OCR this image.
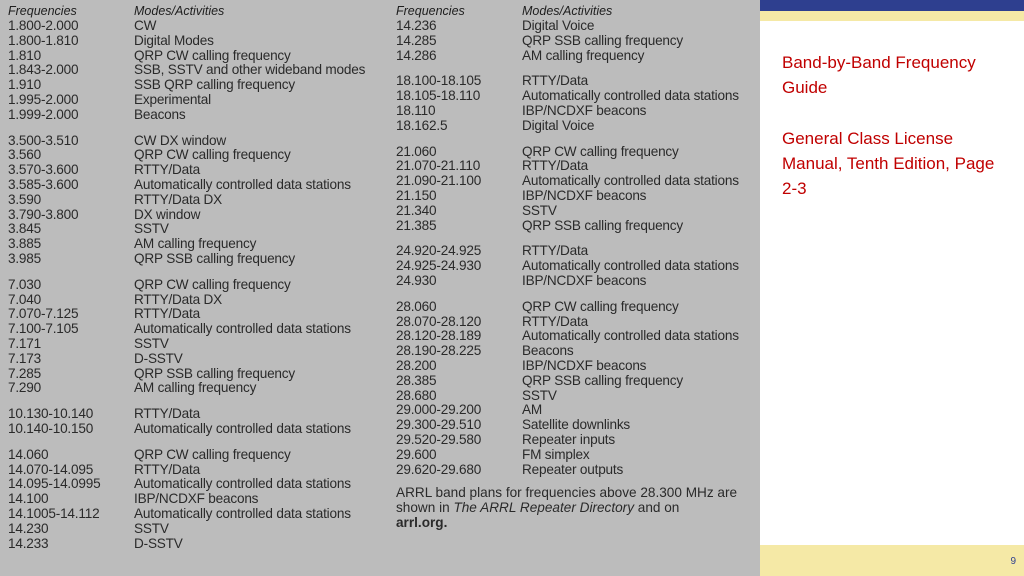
Frequencies	Modes/Activities
1.800-2.000	CW
1.800-1.810	Digital Modes
1.810	QRP CW calling frequency
1.843-2.000	SSB, SSTV and other wideband modes
1.910	SSB QRP calling frequency
1.995-2.000	Experimental
1.999-2.000	Beacons
3.500-3.510	CW DX window
3.560	QRP CW calling frequency
3.570-3.600	RTTY/Data
3.585-3.600	Automatically controlled data stations
3.590	RTTY/Data DX
3.790-3.800	DX window
3.845	SSTV
3.885	AM calling frequency
3.985	QRP SSB calling frequency
7.030	QRP CW calling frequency
7.040	RTTY/Data DX
7.070-7.125	RTTY/Data
7.100-7.105	Automatically controlled data stations
7.171	SSTV
7.173	D-SSTV
7.285	QRP SSB calling frequency
7.290	AM calling frequency
10.130-10.140	RTTY/Data
10.140-10.150	Automatically controlled data stations
14.060	QRP CW calling frequency
14.070-14.095	RTTY/Data
14.095-14.0995	Automatically controlled data stations
14.100	IBP/NCDXF beacons
14.1005-14.112	Automatically controlled data stations
14.230	SSTV
14.233	D-SSTV
Frequencies	Modes/Activities
14.236	Digital Voice
14.285	QRP SSB calling frequency
14.286	AM calling frequency
18.100-18.105	RTTY/Data
18.105-18.110	Automatically controlled data stations
18.110	IBP/NCDXF beacons
18.162.5	Digital Voice
21.060	QRP CW calling frequency
21.070-21.110	RTTY/Data
21.090-21.100	Automatically controlled data stations
21.150	IBP/NCDXF beacons
21.340	SSTV
21.385	QRP SSB calling frequency
24.920-24.925	RTTY/Data
24.925-24.930	Automatically controlled data stations
24.930	IBP/NCDXF beacons
28.060	QRP CW calling frequency
28.070-28.120	RTTY/Data
28.120-28.189	Automatically controlled data stations
28.190-28.225	Beacons
28.200	IBP/NCDXF beacons
28.385	QRP SSB calling frequency
28.680	SSTV
29.000-29.200	AM
29.300-29.510	Satellite downlinks
29.520-29.580	Repeater inputs
29.600	FM simplex
29.620-29.680	Repeater outputs
ARRL band plans for frequencies above 28.300 MHz are
shown in The ARRL Repeater Directory and on
arrl.org.

Band-by-Band Frequency Guide

General Class License Manual, Tenth Edition, Page 2-3

9
